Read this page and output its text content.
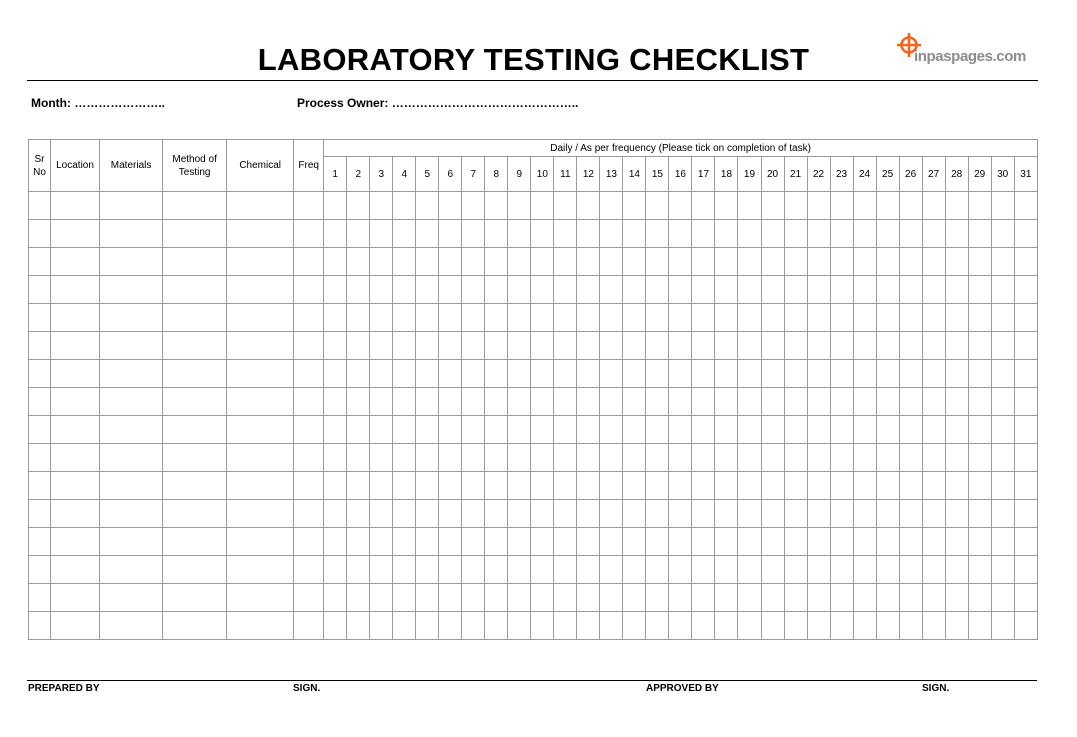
LABORATORY TESTING CHECKLIST	inpaspages.com
Month: …………………..	Process Owner: ………………………………………..
Sr No	Location	Materials	Method of Testing	Chemical	Freq	Daily / As per frequency (Please tick on completion of task)																														
						1	2	3	4	5	6	7	8	9	10	11	12	13	14	15	16	17	18	19	20	21	22	23	24	25	26	27	28	29	30	31

PREPARED BY	SIGN.	APPROVED BY	SIGN.
